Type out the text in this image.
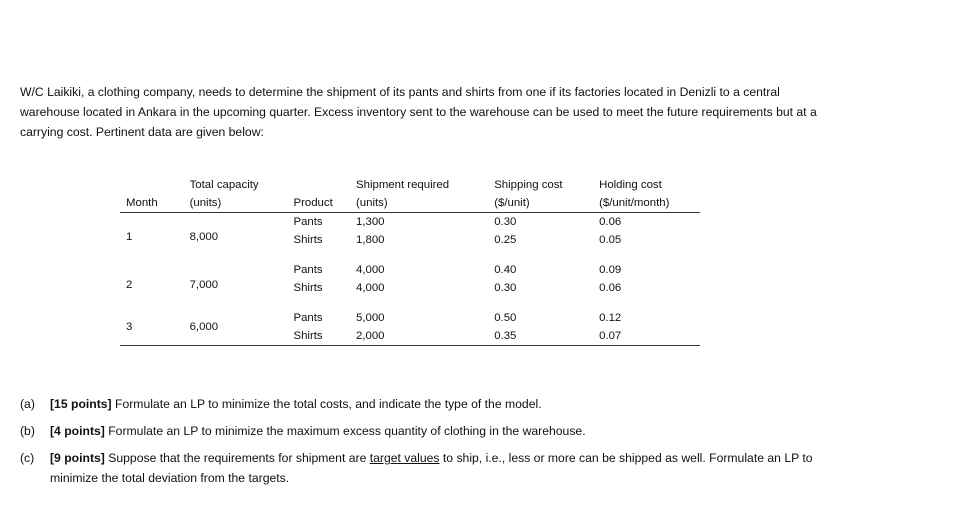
W/C Laikiki, a clothing company, needs to determine the shipment of its pants and shirts from one if its factories located in Denizli to a central warehouse located in Ankara in the upcoming quarter. Excess inventory sent to the warehouse can be used to meet the future requirements but at a carrying cost. Pertinent data are given below:

	Total capacity		Shipment required	Shipping cost	Holding cost
Month	(units)	Product	(units)	($/unit)	($/unit/month)

1	8,000	Pants	1,300	0.30	0.06
		Shirts	1,800	0.25	0.05
2	7,000	Pants	4,000	0.40	0.09
		Shirts	4,000	0.30	0.06
3	6,000	Pants	5,000	0.50	0.12
		Shirts	2,000	0.35	0.07
(a)	[15 points] Formulate an LP to minimize the total costs, and indicate the type of the model.
(b)	[4 points] Formulate an LP to minimize the maximum excess quantity of clothing in the warehouse.
(c)	[9 points] Suppose that the requirements for shipment are target values to ship, i.e., less or more can be shipped as well. Formulate an LP to minimize the total deviation from the targets.
